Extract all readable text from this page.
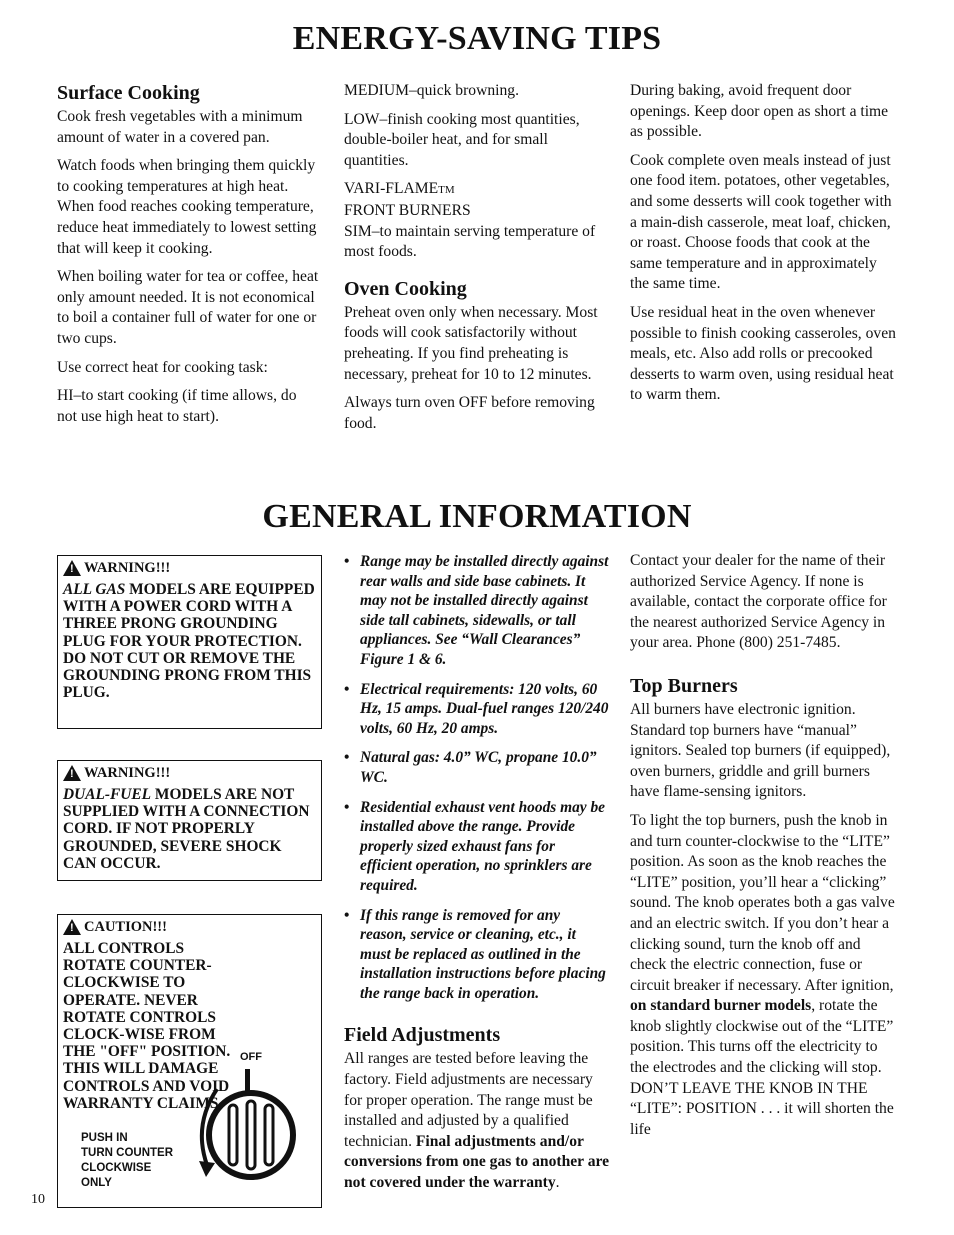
ENERGY-SAVING TIPS
Surface Cooking

Cook fresh vegetables with a minimum amount of water in a covered pan.

Watch foods when bringing them quickly to cooking temperatures at high heat. When food reaches cooking temperature, reduce heat immediately to lowest setting that will keep it cooking.

When boiling water for tea or coffee, heat only amount needed. It is not economical to boil a container full of water for one or two cups.

Use correct heat for cooking task:

HI–to start cooking (if time allows, do not use high heat to start).

MEDIUM–quick browning.

LOW–finish cooking most quantities, double-boiler heat, and for small quantities.

VARI-FLAMETM
FRONT BURNERS
SIM–to maintain serving temperature of most foods.

Oven Cooking

Preheat oven only when necessary. Most foods will cook satisfactorily without preheating. If you find preheating is necessary, preheat for 10 to 12 minutes.

Always turn oven OFF before removing food.

During baking, avoid frequent door openings. Keep door open as short a time as possible.

Cook complete oven meals instead of just one food item. potatoes, other vegetables, and some desserts will cook together with a main-dish casserole, meat loaf, chicken, or roast. Choose foods that cook at the same temperature and in approximately the same time.

Use residual heat in the oven whenever possible to finish cooking casseroles, oven meals, etc. Also add rolls or precooked desserts to warm oven, using residual heat to warm them.

GENERAL INFORMATION
! WARNING!!!
ALL GAS MODELS ARE EQUIPPED WITH A POWER CORD WITH A THREE PRONG GROUNDING PLUG FOR YOUR PROTECTION. DO NOT CUT OR REMOVE THE GROUNDING PRONG FROM THIS PLUG.
! WARNING!!!
DUAL-FUEL MODELS ARE NOT SUPPLIED WITH A CONNECTION CORD. IF NOT PROPERLY GROUNDED, SEVERE SHOCK CAN OCCUR.
! CAUTION!!!
ALL CONTROLS ROTATE COUNTER-CLOCKWISE TO OPERATE. NEVER ROTATE CONTROLS CLOCK-WISE FROM THE "OFF" POSITION. THIS WILL DAMAGE CONTROLS AND VOID WARRANTY CLAIMS.
OFF
PUSH IN
TURN COUNTER
CLOCKWISE
ONLY
• Range may be installed directly against rear walls and side base cabinets. It may not be installed directly against side tall cabinets, sidewalls, or tall appliances. See “Wall Clearances” Figure 1 & 6.
• Electrical requirements: 120 volts, 60 Hz, 15 amps. Dual-fuel ranges 120/240 volts, 60 Hz, 20 amps.
• Natural gas: 4.0” WC, propane 10.0” WC.
• Residential exhaust vent hoods may be installed above the range. Provide properly sized exhaust fans for efficient operation, no sprinklers are required.
• If this range is removed for any reason, service or cleaning, etc., it must be replaced as outlined in the installation instructions before placing the range back in operation.
Field Adjustments

All ranges are tested before leaving the factory. Field adjustments are necessary for proper operation. The range must be installed and adjusted by a qualified technician. Final adjustments and/or conversions from one gas to another are not covered under the warranty.

Contact your dealer for the name of their authorized Service Agency. If none is available, contact the corporate office for the nearest authorized Service Agency in your area. Phone (800) 251-7485.

Top Burners

All burners have electronic ignition. Standard top burners have “manual” ignitors. Sealed top burners (if equipped), oven burners, griddle and grill burners have flame-sensing ignitors.

To light the top burners, push the knob in and turn counter-clockwise to the “LITE” position. As soon as the knob reaches the “LITE” position, you’ll hear a “clicking” sound. The knob operates both a gas valve and an electric switch. If you don’t hear a clicking sound, turn the knob off and check the electric connection, fuse or circuit breaker if necessary. After ignition, on standard burner models, rotate the knob slightly clockwise out of the “LITE” position. This turns off the electricity to the electrodes and the clicking will stop. DON’T LEAVE THE KNOB IN THE “LITE”: POSITION . . . it will shorten the life

10
